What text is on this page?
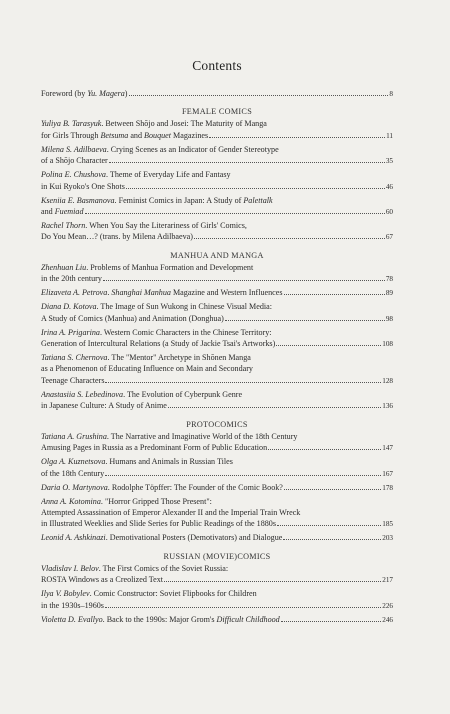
Contents
Foreword (by Yu. Magera)	8
FEMALE COMICS
Yuliya B. Tarasyuk. Between Shōjo and Josei: The Maturity of Manga
for Girls Through Betsuma and Bouquet Magazines	11
Milena S. Adilbaeva. Crying Scenes as an Indicator of Gender Stereotype
of a Shōjo Character	35
Polina E. Chushova. Theme of Everyday Life and Fantasy
in Kui Ryoko's One Shots	46
Kseniia E. Basmanova. Feminist Comics in Japan: A Study of Palettalk
and Fuemiad	60
Rachel Thorn. When You Say the Literariness of Girls' Comics,
Do You Mean…? (trans. by Milena Adilbaeva)	67
MANHUA AND MANGA
Zhenhuan Liu. Problems of Manhua Formation and Development
in the 20th century	78
Elizaveta A. Petrova. Shanghai Manhua Magazine and Western Influences	89
Diana D. Kotova. The Image of Sun Wukong in Chinese Visual Media:
A Study of Comics (Manhua) and Animation (Donghua)	98
Irina A. Prigarina. Western Comic Characters in the Chinese Territory:
Generation of Intercultural Relations (a Study of Jackie Tsai's Artworks)	108
Tatiana S. Chernova. The "Mentor" Archetype in Shōnen Manga
as a Phenomenon of Educating Influence on Main and Secondary
Teenage Characters	128
Anastasiia S. Lebedinova. The Evolution of Cyberpunk Genre
in Japanese Culture: A Study of Anime	136
PROTOCOMICS
Tatiana A. Grushina. The Narrative and Imaginative World of the 18th Century
Amusing Pages in Russia as a Predominant Form of Public Education	147
Olga A. Kuznetsova. Humans and Animals in Russian Tiles
of the 18th Century	167
Daria O. Martynova. Rodolphe Töpffer: The Founder of the Comic Book?	178
Anna A. Kotomina. "Horror Gripped Those Present":
Attempted Assassination of Emperor Alexander II and the Imperial Train Wreck
in Illustrated Weeklies and Slide Series for Public Readings of the 1880s	185
Leonid A. Ashkinazi. Demotivational Posters (Demotivators) and Dialogue	203
RUSSIAN (MOVIE)COMICS
Vladislav I. Belov. The First Comics of the Soviet Russia:
ROSTA Windows as a Creolized Text	217
Ilya V. Bobylev. Comic Constructor: Soviet Flipbooks for Children
in the 1930s–1960s	226
Violetta D. Evallyo. Back to the 1990s: Major Grom's Difficult Childhood	246
